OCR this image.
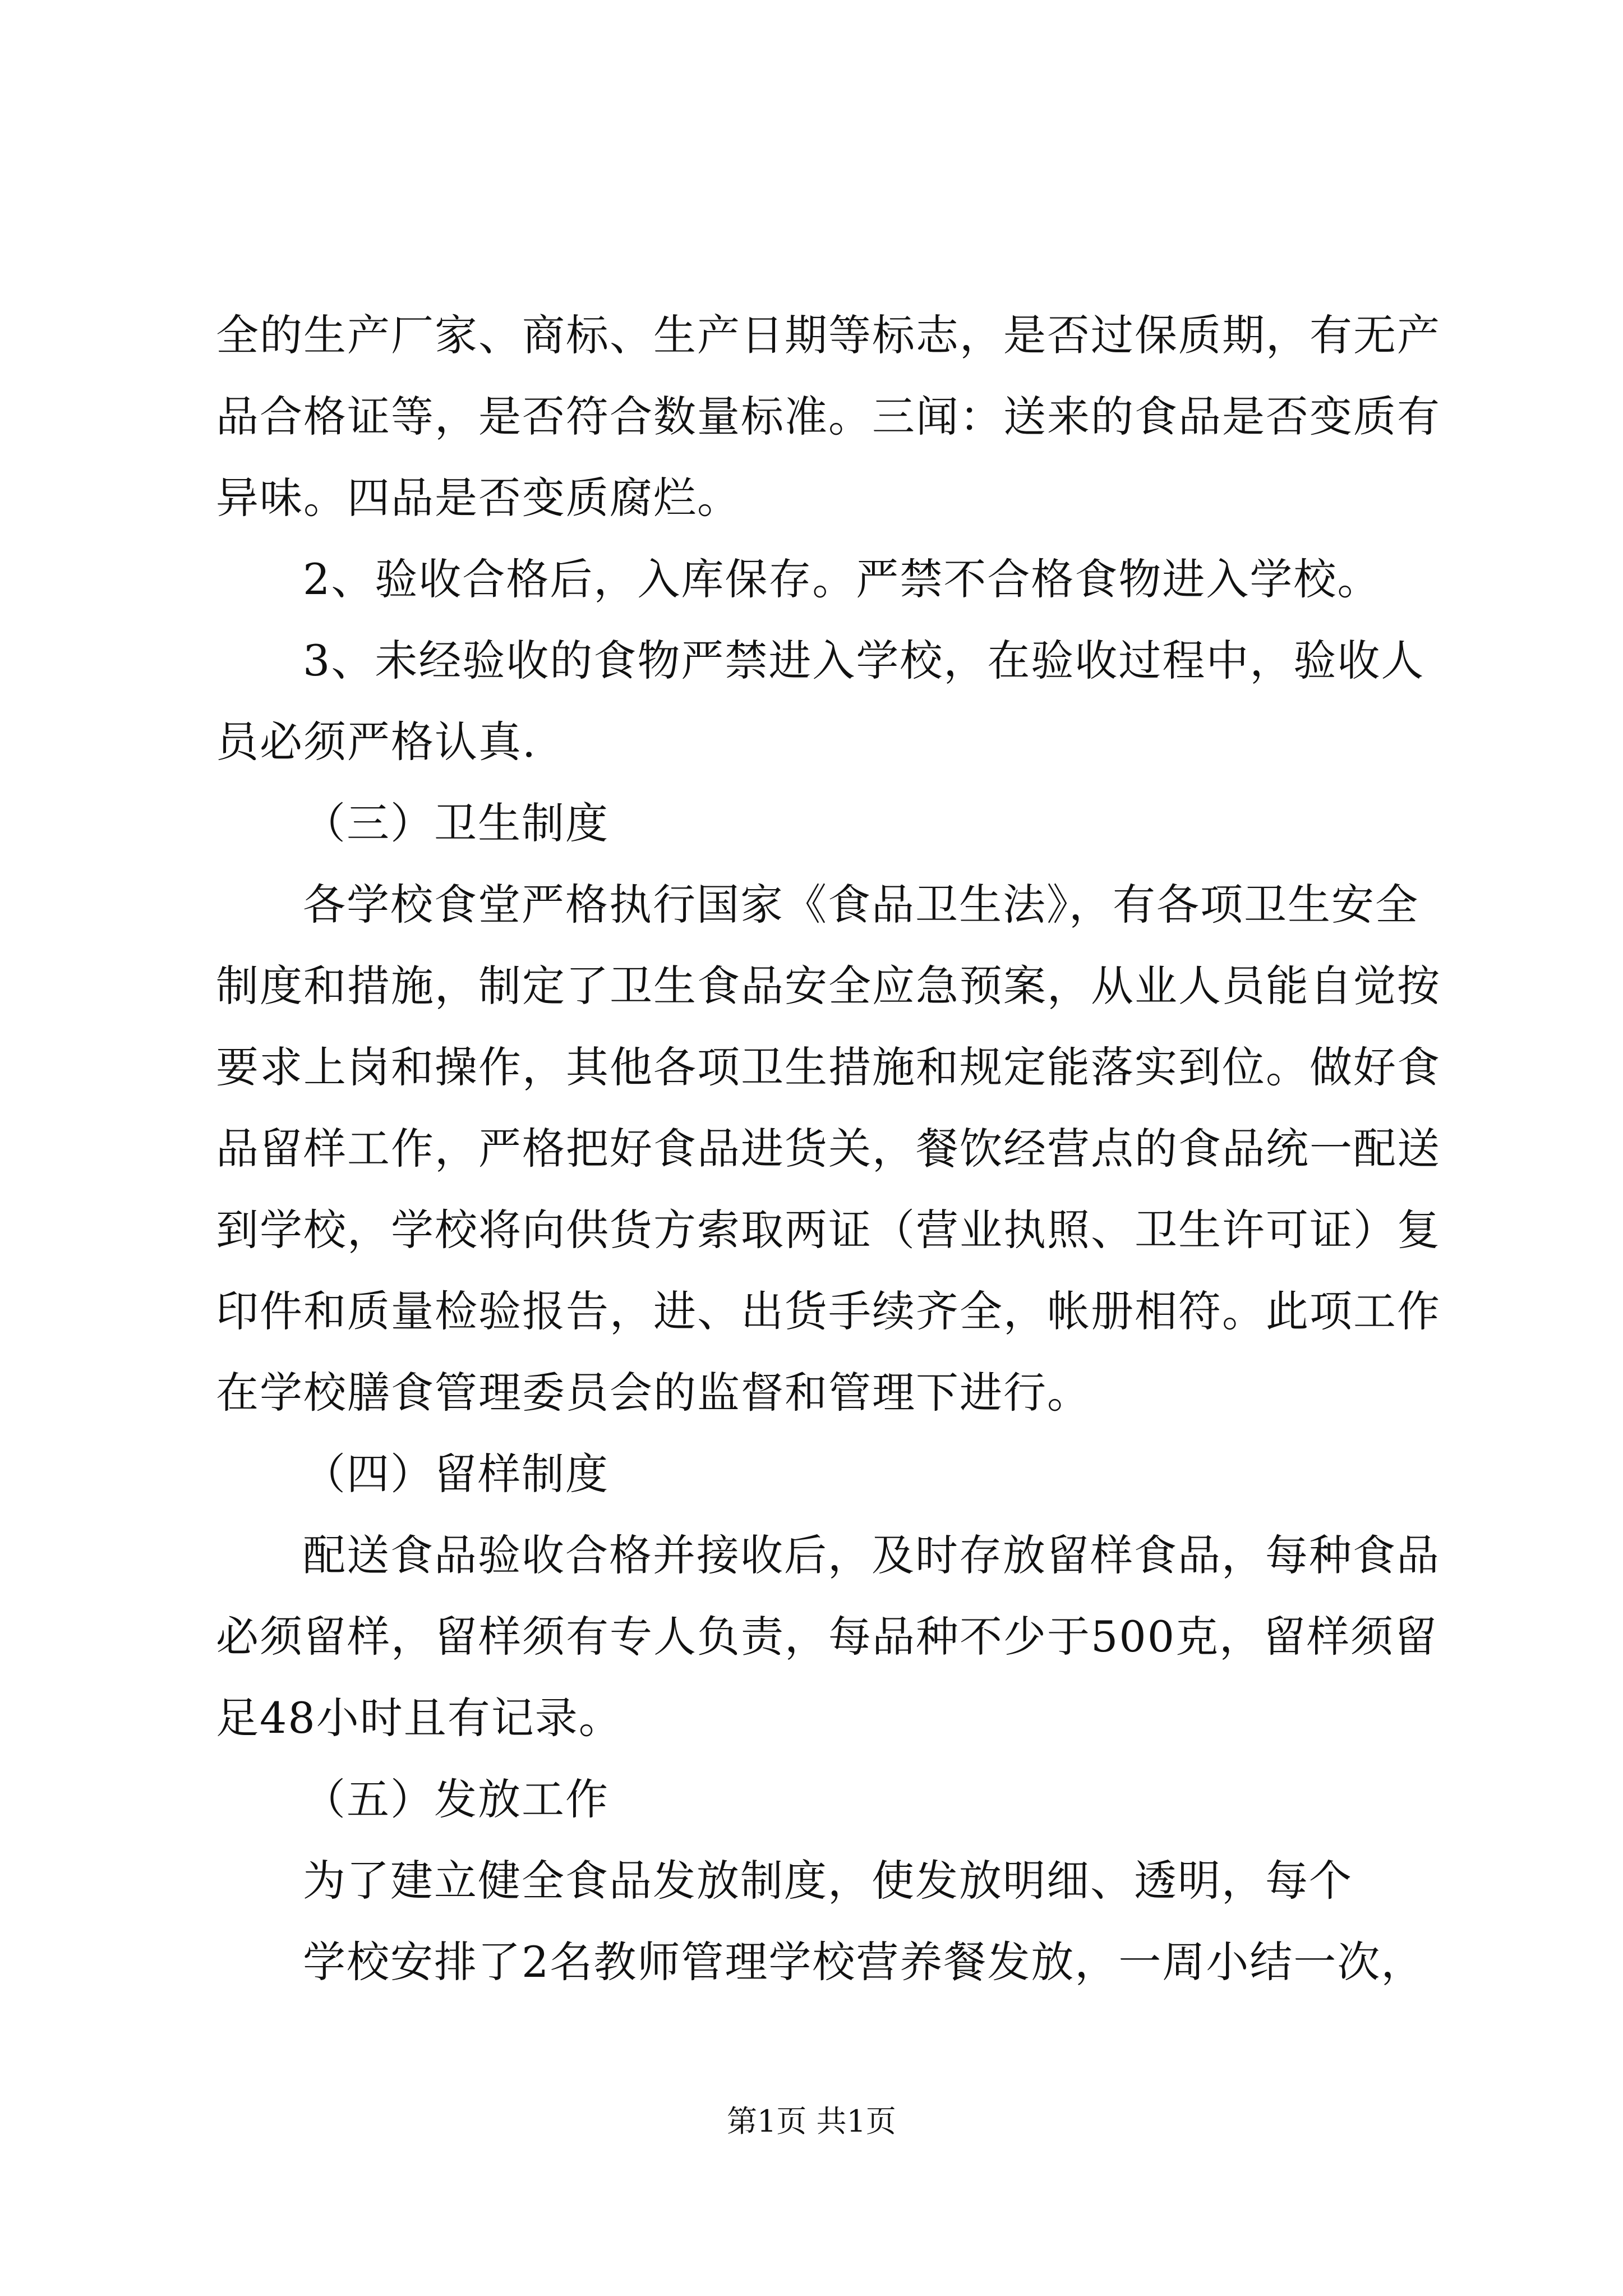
全的生产厂家、商标、生产日期等标志，是否过保质期，有无产
品合格证等，是否符合数量标准。三闻：送来的食品是否变质有
异味。四品是否变质腐烂。
2、验收合格后，入库保存。严禁不合格食物进入学校。
3、未经验收的食物严禁进入学校，在验收过程中，验收人
员必须严格认真.
（三）卫生制度
各学校食堂严格执行国家《食品卫生法》，有各项卫生安全
制度和措施，制定了卫生食品安全应急预案，从业人员能自觉按
要求上岗和操作，其他各项卫生措施和规定能落实到位。做好食
品留样工作，严格把好食品进货关，餐饮经营点的食品统一配送
到学校，学校将向供货方索取两证（营业执照、卫生许可证）复
印件和质量检验报告，进、出货手续齐全，帐册相符。此项工作
在学校膳食管理委员会的监督和管理下进行。
（四）留样制度
配送食品验收合格并接收后，及时存放留样食品，每种食品
必须留样，留样须有专人负责，每品种不少于500克，留样须留
足48小时且有记录。
（五）发放工作
为了建立健全食品发放制度，使发放明细、透明，每个
学校安排了2名教师管理学校营养餐发放，一周小结一次，
第1页 共1页
